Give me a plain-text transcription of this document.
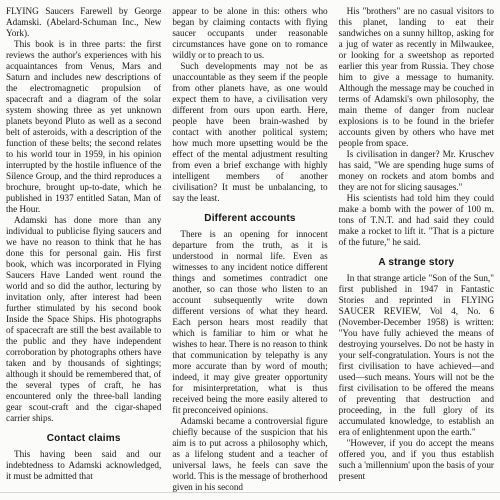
FLYING Saucers Farewell by George Adamski. (Abelard-Schuman Inc., New York).

This book is in three parts: the first reviews the author's experiences with his acquaintances from Venus, Mars and Saturn and includes new descriptions of the electromagnetic propulsion of spacecraft and a diagram of the solar system showing three as yet unknown planets beyond Pluto as well as a second belt of asteroids, with a description of the function of these belts; the second relates to his world tour in 1959, in his opinion interrupted by the hostile influence of the Silence Group, and the third reproduces a brochure, brought up-to-date, which he published in 1937 entitled Satan, Man of the Hour.

Adamski has done more than any individual to publicise flying saucers and we have no reason to think that he has done this for personal gain. His first book, which was incorporated in Flying Saucers Have Landed went round the world and so did the author, lecturing by invitation only, after interest had been further stimulated by his second book Inside the Space Ships. His photographs of spacecraft are still the best available to the public and they have independent corroboration by photographs others have taken and by thousands of sightings; although it should be remembered that, of the several types of craft, he has encountered only the three-ball landing gear scout-craft and the cigar-shaped carrier ships.

Contact claims

This having been said and our indebtedness to Adamski acknowledged, it must be admitted that

appear to be alone in this: others who began by claiming contacts with flying saucer occupants under reasonable circumstances have gone on to romance wildly or to preach to us.

Such developments may not be as unaccountable as they seem if the people from other planets have, as one would expect them to have, a civilisation very different from ours upon earth. Here, people have been brain-washed by contact with another political system; how much more upsetting would be the effect of the mental adjustment resulting from even a brief exchange with highly intelligent members of another civilisation? It must be unbalancing, to say the least.

Different accounts

There is an opening for innocent departure from the truth, as it is understood in normal life. Even as witnesses to any incident notice different things and sometimes contradict one another, so can those who listen to an account subsequently write down different versions of what they heard. Each person hears most readily that which is familiar to him or what he wishes to hear. There is no reason to think that communication by telepathy is any more accurate than by word of mouth; indeed, it may give greater opportunity for misinterpretation, what is thus received being the more easily altered to fit preconceived opinions.

Adamski became a controversial figure chiefly because of the suspicion that his aim is to put across a philosophy which, as a lifelong student and a teacher of universal laws, he feels can save the world. This is the message of brotherhood given in his second

His "brothers" are no casual visitors to this planet, landing to eat their sandwiches on a sunny hilltop, asking for a jug of water as recently in Milwaukee, or looking for a sweetshop as reported earlier this year from Russia. They chose him to give a message to humanity. Although the message may be couched in terms of Adamski's own philosophy, the main theme of danger from nuclear explosions is to be found in the briefer accounts given by others who have met people from space.

Is civilisation in danger? Mr. Kruschev has said, "We are spending huge sums of money on rockets and atom bombs and they are not for slicing sausages."

His scientists had told him they could make a bomb with the power of 100 m. tons of T.N.T. and had said they could make a rocket to lift it. "That is a picture of the future," he said.

A strange story

In that strange article "Son of the Sun," first published in 1947 in Fantastic Stories and reprinted in FLYING SAUCER REVIEW, Vol 4, No. 6 (November-December 1958) is written: "You have fully achieved the means of destroying yourselves. Do not be hasty in your self-congratulation. Yours is not the first civilisation to have achieved—and used—such means. Yours will not be the first civilisation to be offered the means of preventing that destruction and proceeding, in the full glory of its accumulated knowledge, to establish an era of enlightenment upon the earth."

"However, if you do accept the means offered you, and if you thus establish such a 'millennium' upon the basis of your present
